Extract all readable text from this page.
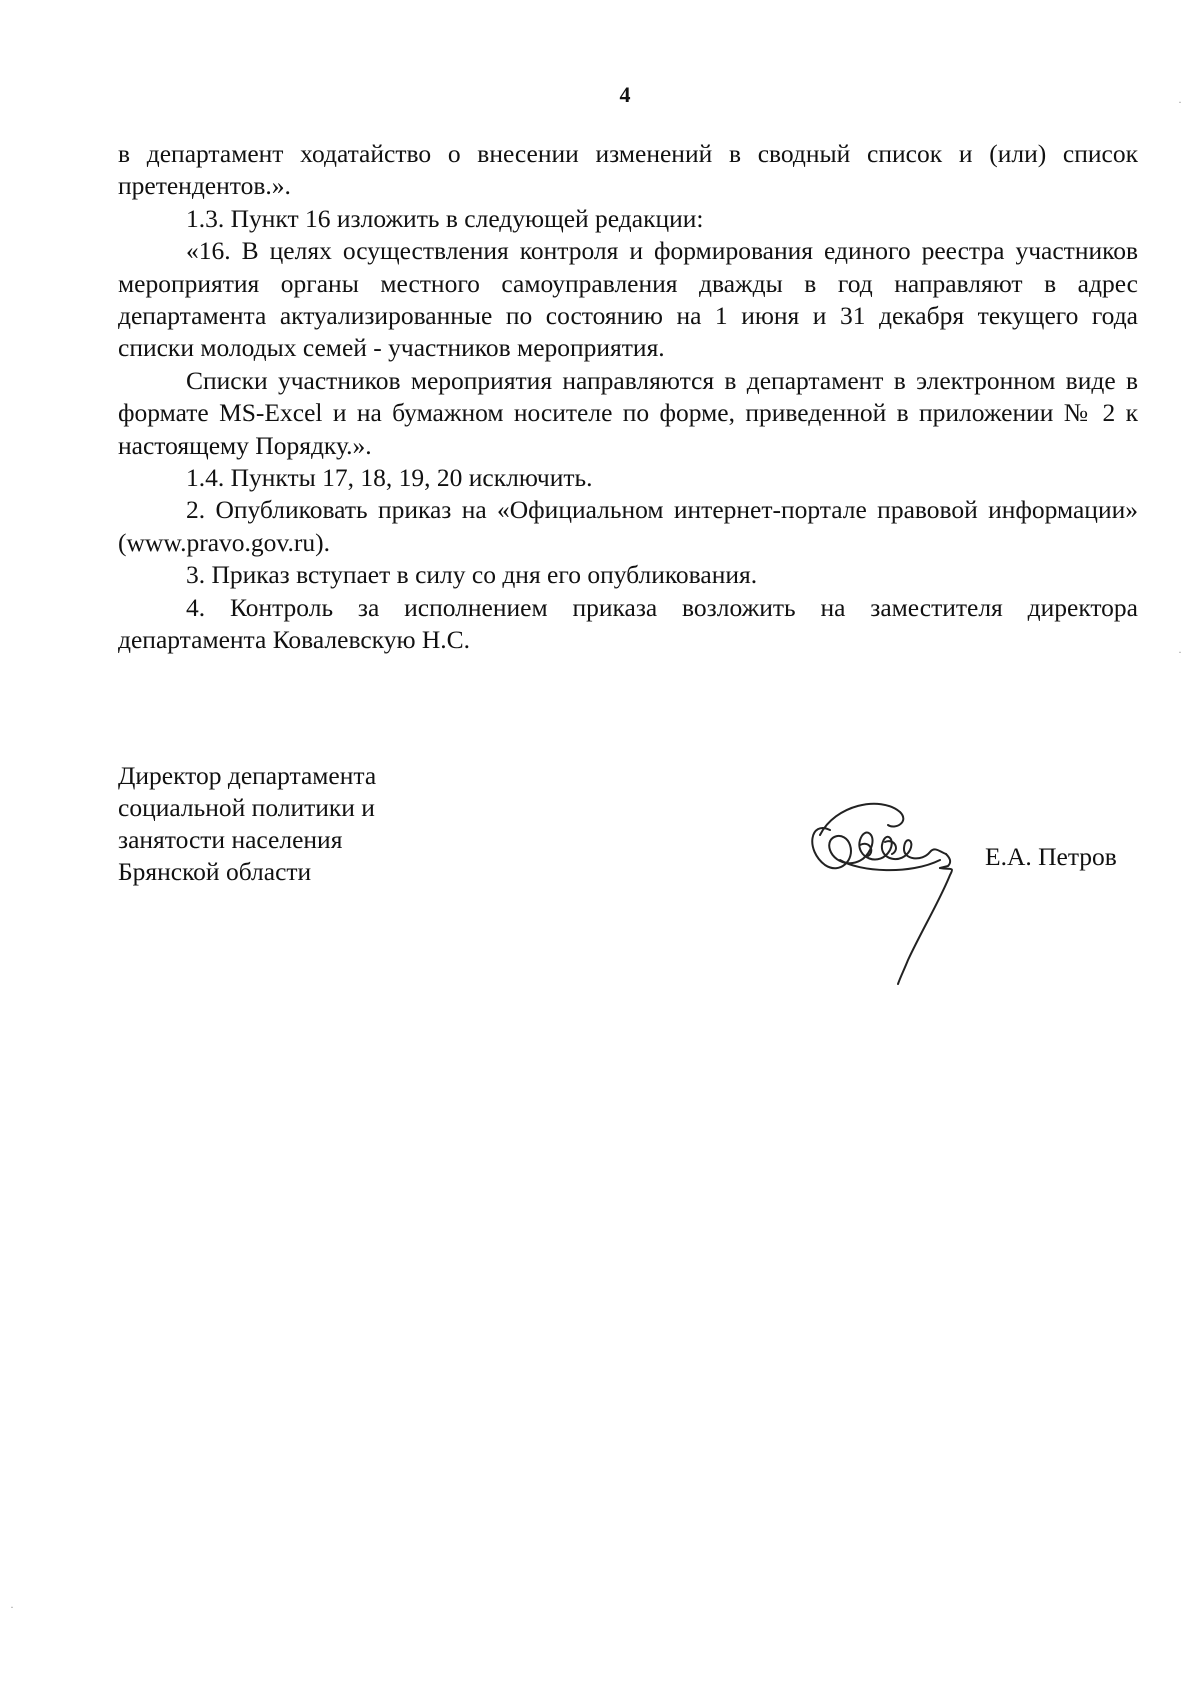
4

в департамент ходатайство о внесении изменений в сводный список и (или) список претендентов.».

1.3. Пункт 16 изложить в следующей редакции:

«16. В целях осуществления контроля и формирования единого реестра участников мероприятия органы местного самоуправления дважды в год направляют в адрес департамента актуализированные по состоянию на 1 июня и 31 декабря текущего года списки молодых семей - участников мероприятия.

Списки участников мероприятия направляются в департамент в электронном виде в формате MS-Excel и на бумажном носителе по форме, приведенной в приложении № 2 к настоящему Порядку.».

1.4. Пункты 17, 18, 19, 20 исключить.

2. Опубликовать приказ на «Официальном интернет-портале правовой информации» (www.pravo.gov.ru).

3. Приказ вступает в силу со дня его опубликования.

4. Контроль за исполнением приказа возложить на заместителя директора департамента Ковалевскую Н.С.

Директор департамента
социальной политики и
занятости населения
Брянской области
Е.А. Петров
·
·
·
